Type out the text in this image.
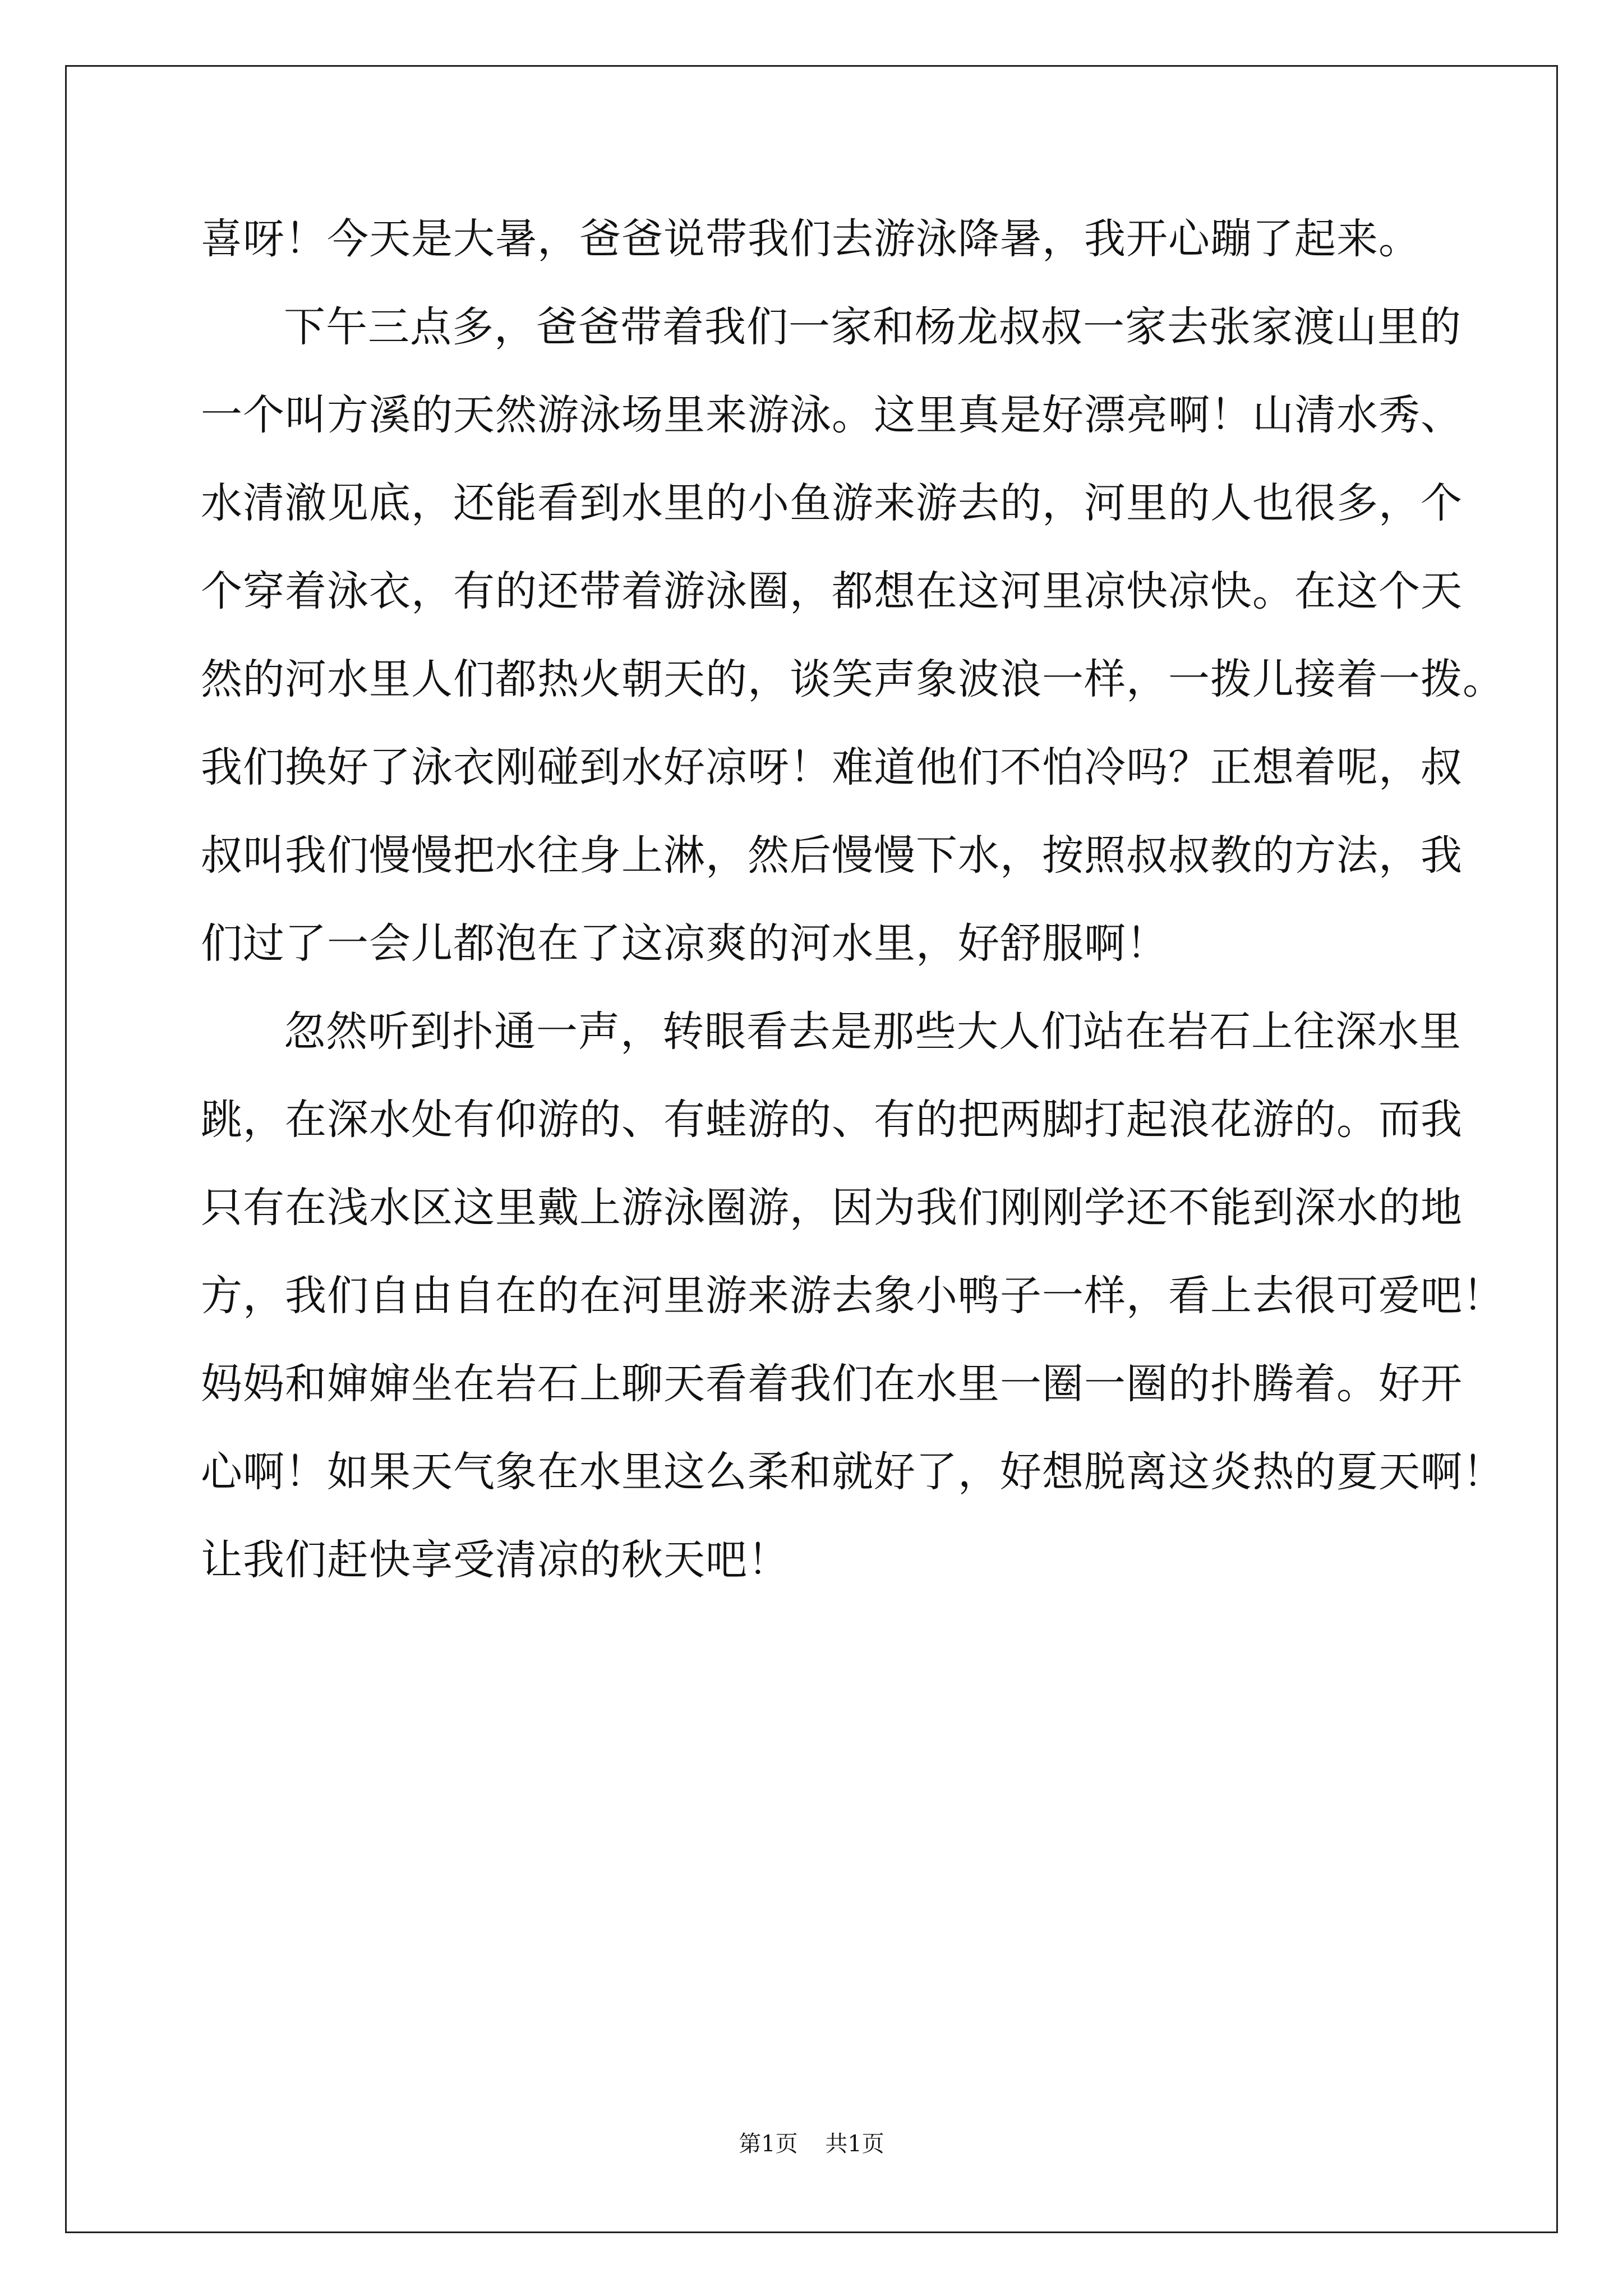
喜呀！今天是大暑，爸爸说带我们去游泳降暑，我开心蹦了起来。
下午三点多，爸爸带着我们一家和杨龙叔叔一家去张家渡山里的
一个叫方溪的天然游泳场里来游泳。这里真是好漂亮啊！山清水秀、
水清澈见底，还能看到水里的小鱼游来游去的，河里的人也很多，个
个穿着泳衣，有的还带着游泳圈，都想在这河里凉快凉快。在这个天
然的河水里人们都热火朝天的，谈笑声象波浪一样，一拨儿接着一拨。
我们换好了泳衣刚碰到水好凉呀！难道他们不怕冷吗？正想着呢，叔
叔叫我们慢慢把水往身上淋，然后慢慢下水，按照叔叔教的方法，我
们过了一会儿都泡在了这凉爽的河水里，好舒服啊！
忽然听到扑通一声，转眼看去是那些大人们站在岩石上往深水里
跳，在深水处有仰游的、有蛙游的、有的把两脚打起浪花游的。而我
只有在浅水区这里戴上游泳圈游，因为我们刚刚学还不能到深水的地
方，我们自由自在的在河里游来游去象小鸭子一样，看上去很可爱吧！
妈妈和婶婶坐在岩石上聊天看着我们在水里一圈一圈的扑腾着。好开
心啊！如果天气象在水里这么柔和就好了，好想脱离这炎热的夏天啊！
让我们赶快享受清凉的秋天吧！
第1页 共1页
